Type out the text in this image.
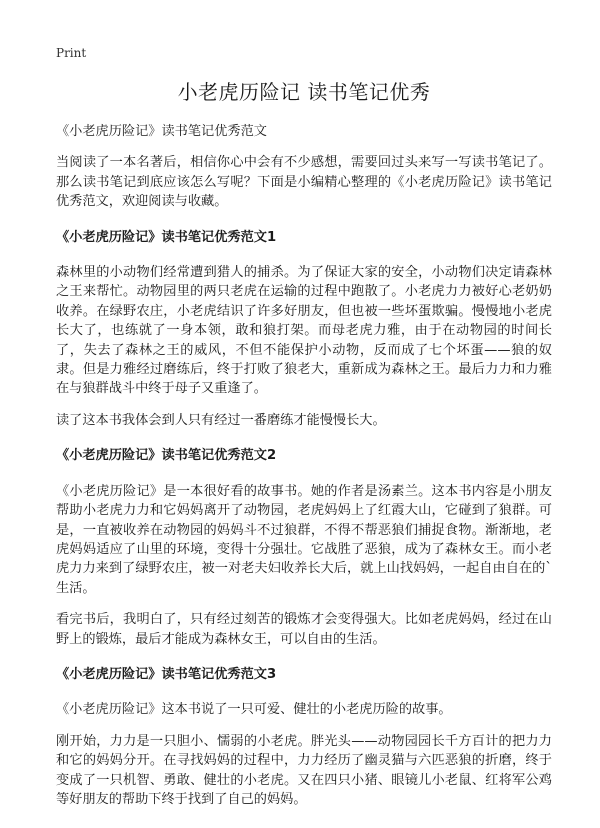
Print
小老虎历险记 读书笔记优秀

《小老虎历险记》读书笔记优秀范文

当阅读了一本名著后，相信你心中会有不少感想，需要回过头来写一写读书笔记了。那么读书笔记到底应该怎么写呢？下面是小编精心整理的《小老虎历险记》读书笔记优秀范文，欢迎阅读与收藏。

《小老虎历险记》读书笔记优秀范文1

森林里的小动物们经常遭到猎人的捕杀。为了保证大家的安全，小动物们决定请森林之王来帮忙。动物园里的两只老虎在运输的过程中跑散了。小老虎力力被好心老奶奶收养。在绿野农庄，小老虎结识了许多好朋友，但也被一些坏蛋欺骗。慢慢地小老虎长大了，也练就了一身本领，敢和狼打架。而母老虎力雅，由于在动物园的时间长了，失去了森林之王的威风，不但不能保护小动物，反而成了七个坏蛋——狼的奴隶。但是力雅经过磨练后，终于打败了狼老大，重新成为森林之王。最后力力和力雅在与狼群战斗中终于母子又重逢了。

读了这本书我体会到人只有经过一番磨练才能慢慢长大。

《小老虎历险记》读书笔记优秀范文2

《小老虎历险记》是一本很好看的故事书。她的作者是汤素兰。这本书内容是小朋友帮助小老虎力力和它妈妈离开了动物园，老虎妈妈上了红霞大山，它碰到了狼群。可是，一直被收养在动物园的妈妈斗不过狼群，不得不帮恶狼们捕捉食物。渐渐地，老虎妈妈适应了山里的环境，变得十分强壮。它战胜了恶狼，成为了森林女王。而小老虎力力来到了绿野农庄，被一对老夫妇收养长大后，就上山找妈妈，一起自由自在的`生活。

看完书后，我明白了，只有经过刻苦的锻炼才会变得强大。比如老虎妈妈，经过在山野上的锻炼，最后才能成为森林女王，可以自由的生活。

《小老虎历险记》读书笔记优秀范文3

《小老虎历险记》这本书说了一只可爱、健壮的小老虎历险的故事。

刚开始，力力是一只胆小、懦弱的小老虎。胖光头——动物园园长千方百计的把力力和它的妈妈分开。在寻找妈妈的过程中，力力经历了幽灵猫与六匹恶狼的折磨，终于变成了一只机智、勇敢、健壮的小老虎。又在四只小猪、眼镜儿小老鼠、红将军公鸡等好朋友的帮助下终于找到了自己的妈妈。
